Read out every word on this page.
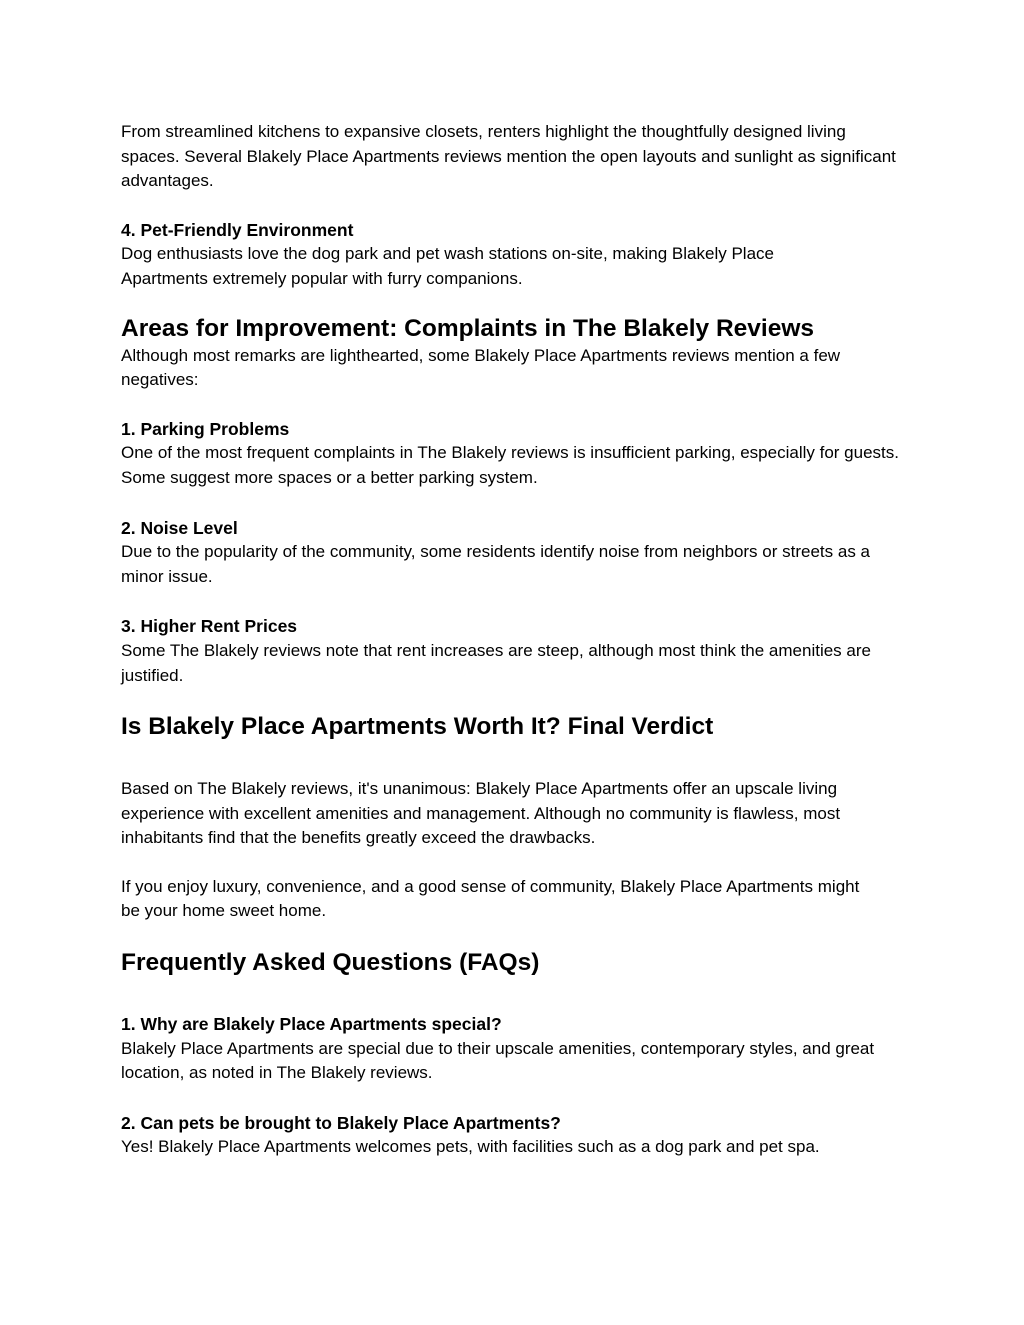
From streamlined kitchens to expansive closets, renters highlight the thoughtfully designed living spaces. Several Blakely Place Apartments reviews mention the open layouts and sunlight as significant advantages.

4. Pet-Friendly Environment

Dog enthusiasts love the dog park and pet wash stations on-site, making Blakely Place Apartments extremely popular with furry companions.

Areas for Improvement: Complaints in The Blakely Reviews

Although most remarks are lighthearted, some Blakely Place Apartments reviews mention a few negatives:

1. Parking Problems

One of the most frequent complaints in The Blakely reviews is insufficient parking, especially for guests. Some suggest more spaces or a better parking system.

2. Noise Level

Due to the popularity of the community, some residents identify noise from neighbors or streets as a minor issue.

3. Higher Rent Prices

Some The Blakely reviews note that rent increases are steep, although most think the amenities are justified.

Is Blakely Place Apartments Worth It? Final Verdict

Based on The Blakely reviews, it's unanimous: Blakely Place Apartments offer an upscale living experience with excellent amenities and management. Although no community is flawless, most inhabitants find that the benefits greatly exceed the drawbacks.

If you enjoy luxury, convenience, and a good sense of community, Blakely Place Apartments might be your home sweet home.

Frequently Asked Questions (FAQs)
1. Why are Blakely Place Apartments special?

Blakely Place Apartments are special due to their upscale amenities, contemporary styles, and great location, as noted in The Blakely reviews.

2. Can pets be brought to Blakely Place Apartments?

Yes! Blakely Place Apartments welcomes pets, with facilities such as a dog park and pet spa.
